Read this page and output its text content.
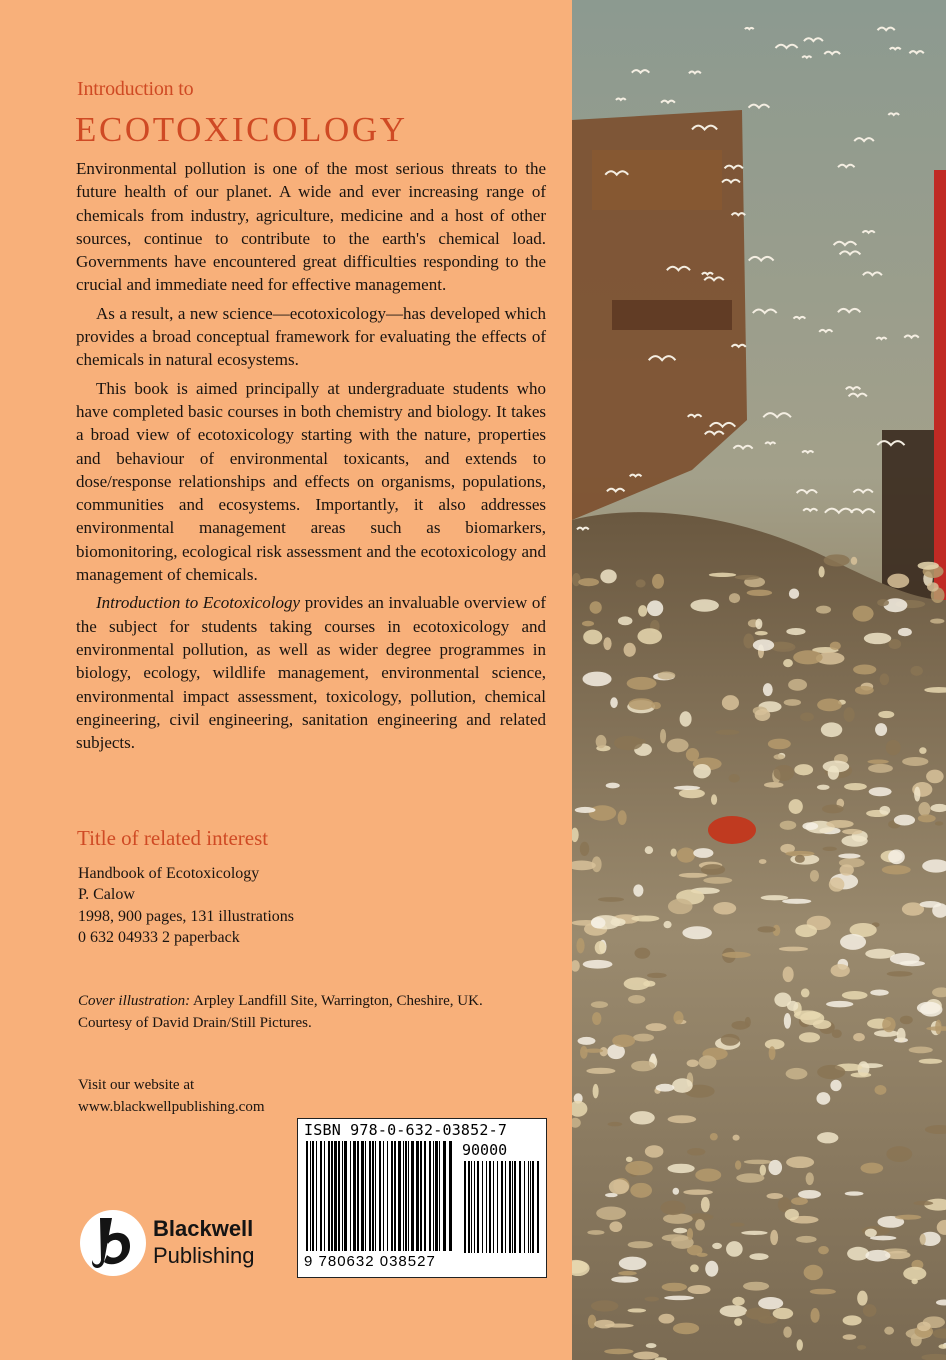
Introduction to
ECOTOXICOLOGY

Environmental pollution is one of the most serious threats to the future health of our planet. A wide and ever increasing range of chemicals from industry, agriculture, medicine and a host of other sources, continue to contribute to the earth's chemical load. Governments have encountered great difficulties responding to the crucial and immediate need for effective management.

As a result, a new science—ecotoxicology—has developed which provides a broad conceptual framework for evaluating the effects of chemicals in natural ecosystems.

This book is aimed principally at undergraduate students who have completed basic courses in both chemistry and biology. It takes a broad view of ecotoxicology starting with the nature, properties and behaviour of environmental toxicants, and extends to dose/response relationships and effects on organisms, populations, communities and ecosystems. Importantly, it also addresses environmental management areas such as biomarkers, biomonitoring, ecological risk assessment and the ecotoxicology and management of chemicals.

Introduction to Ecotoxicology provides an invaluable overview of the subject for students taking courses in ecotoxicology and environmental pollution, as well as wider degree programmes in biology, ecology, wildlife management, environmental science, environmental impact assessment, toxicology, pollution, chemical engineering, civil engineering, sanitation engineering and related subjects.

Title of related interest
Handbook of Ecotoxicology
P. Calow
1998, 900 pages, 131 illustrations
0 632 04933 2 paperback
Cover illustration: Arpley Landfill Site, Warrington, Cheshire, UK.
Courtesy of David Drain/Still Pictures.
Visit our website at
www.blackwellpublishing.com
Blackwell
Publishing
ISBN 978-0-632-03852-7
90000
9 780632 038527
